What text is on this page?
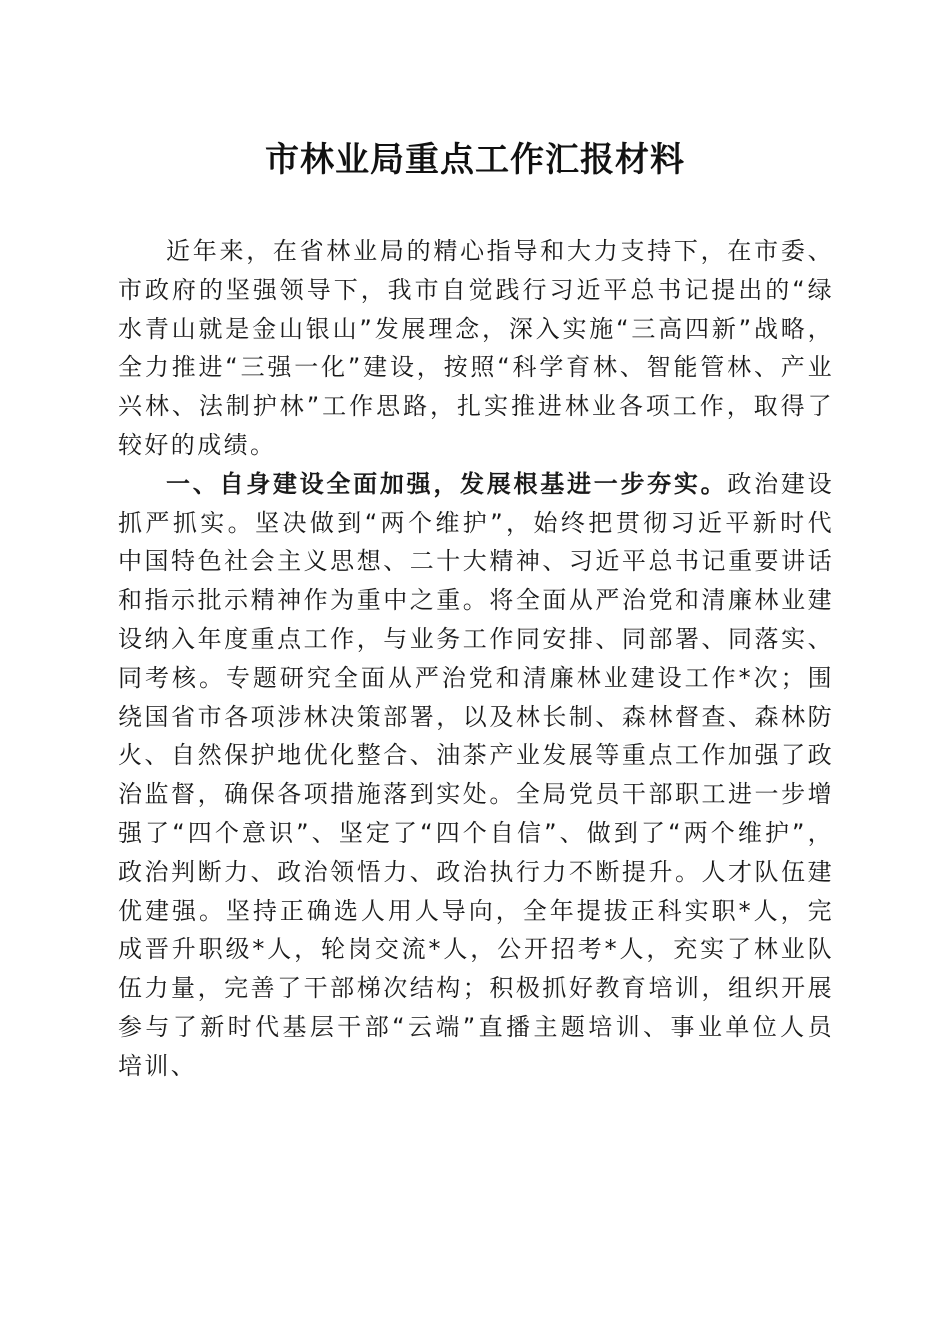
市林业局重点工作汇报材料

近年来，在省林业局的精心指导和大力支持下，在市委、市政府的坚强领导下，我市自觉践行习近平总书记提出的“绿水青山就是金山银山”发展理念，深入实施“三高四新”战略，全力推进“三强一化”建设，按照“科学育林、智能管林、产业兴林、法制护林”工作思路，扎实推进林业各项工作，取得了较好的成绩。

一、自身建设全面加强，发展根基进一步夯实。政治建设抓严抓实。坚决做到“两个维护”，始终把贯彻习近平新时代中国特色社会主义思想、二十大精神、习近平总书记重要讲话和指示批示精神作为重中之重。将全面从严治党和清廉林业建设纳入年度重点工作，与业务工作同安排、同部署、同落实、同考核。专题研究全面从严治党和清廉林业建设工作*次；围绕国省市各项涉林决策部署，以及林长制、森林督查、森林防火、自然保护地优化整合、油茶产业发展等重点工作加强了政治监督，确保各项措施落到实处。全局党员干部职工进一步增强了“四个意识”、坚定了“四个自信”、做到了“两个维护”，政治判断力、政治领悟力、政治执行力不断提升。人才队伍建优建强。坚持正确选人用人导向，全年提拔正科实职*人，完成晋升职级*人，轮岗交流*人，公开招考*人，充实了林业队伍力量，完善了干部梯次结构；积极抓好教育培训，组织开展参与了新时代基层干部“云端”直播主题培训、事业单位人员培训、
